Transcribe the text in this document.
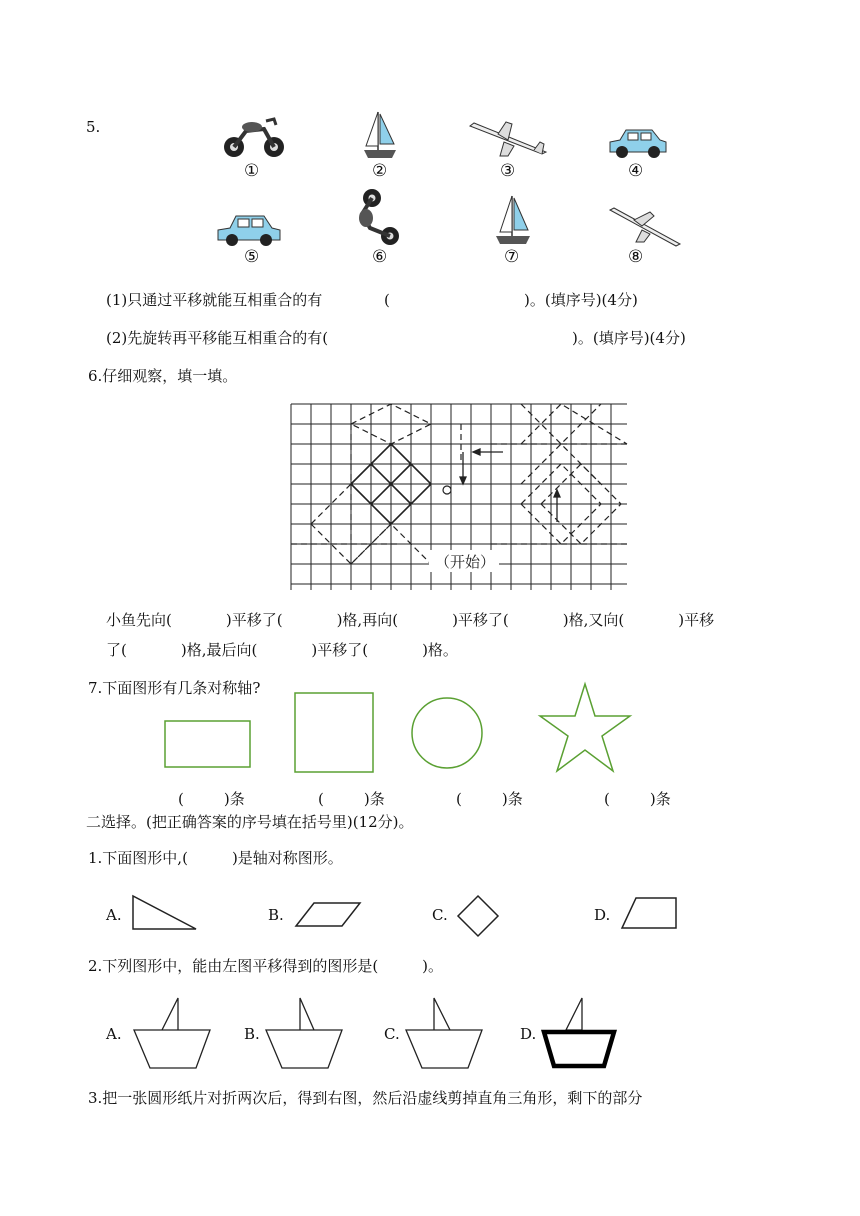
5.
①	②	③	④
⑤	⑥	⑦	⑧
(1)只通过平移就能互相重合的有	(	)。(填序号)(4分)
(2)先旋转再平移能互相重合的有(	)。(填序号)(4分)
6.仔细观察，填一填。
（开始）
小鱼先向(	)平移了(	)格,再向(	)平移了(	)格,又向(	)平移
了(	)格,最后向(	)平移了(	)格。
7.下面图形有几条对称轴?
(	)条	(	)条	(	)条	(	)条
二选择。(把正确答案的序号填在括号里)(12分)。
1.下面图形中,(	)是轴对称图形。
A.	B.	C.	D.
2.下列图形中，能由左图平移得到的图形是(	)。
A.	B.	C.	D.
3.把一张圆形纸片对折两次后，得到右图，然后沿虚线剪掉直角三角形，剩下的部分
